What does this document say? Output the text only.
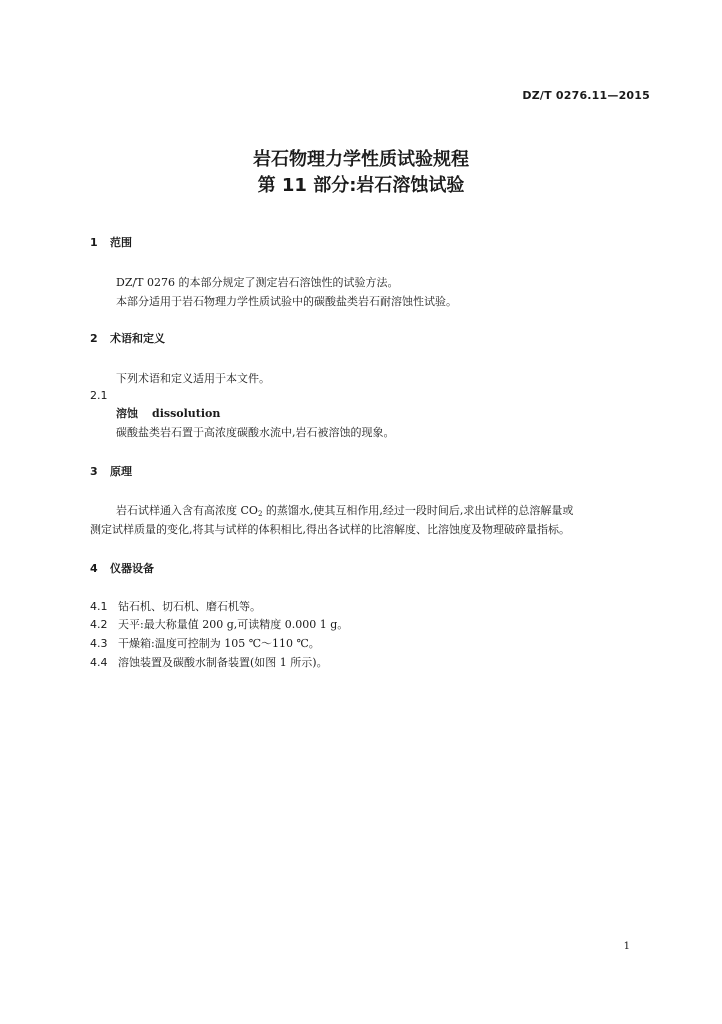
DZ/T 0276.11—2015
岩石物理力学性质试验规程
第 11 部分:岩石溶蚀试验
1 范围
DZ/T 0276 的本部分规定了测定岩石溶蚀性的试验方法。
本部分适用于岩石物理力学性质试验中的碳酸盐类岩石耐溶蚀性试验。
2 术语和定义
下列术语和定义适用于本文件。
2.1
溶蚀 dissolution
碳酸盐类岩石置于高浓度碳酸水流中,岩石被溶蚀的现象。
3 原理
岩石试样通入含有高浓度 $CO_2$ 的蒸馏水,使其互相作用,经过一段时间后,求出试样的总溶解量或
测定试样质量的变化,将其与试样的体积相比,得出各试样的比溶解度、比溶蚀度及物理破碎量指标。
4 仪器设备
4.1 钻石机、切石机、磨石机等。
4.2 天平:最大称量值 200 g,可读精度 0.000 1 g。
4.3 干燥箱:温度可控制为 105 ℃～110 ℃。
4.4 溶蚀装置及碳酸水制备装置(如图 1 所示)。
1
